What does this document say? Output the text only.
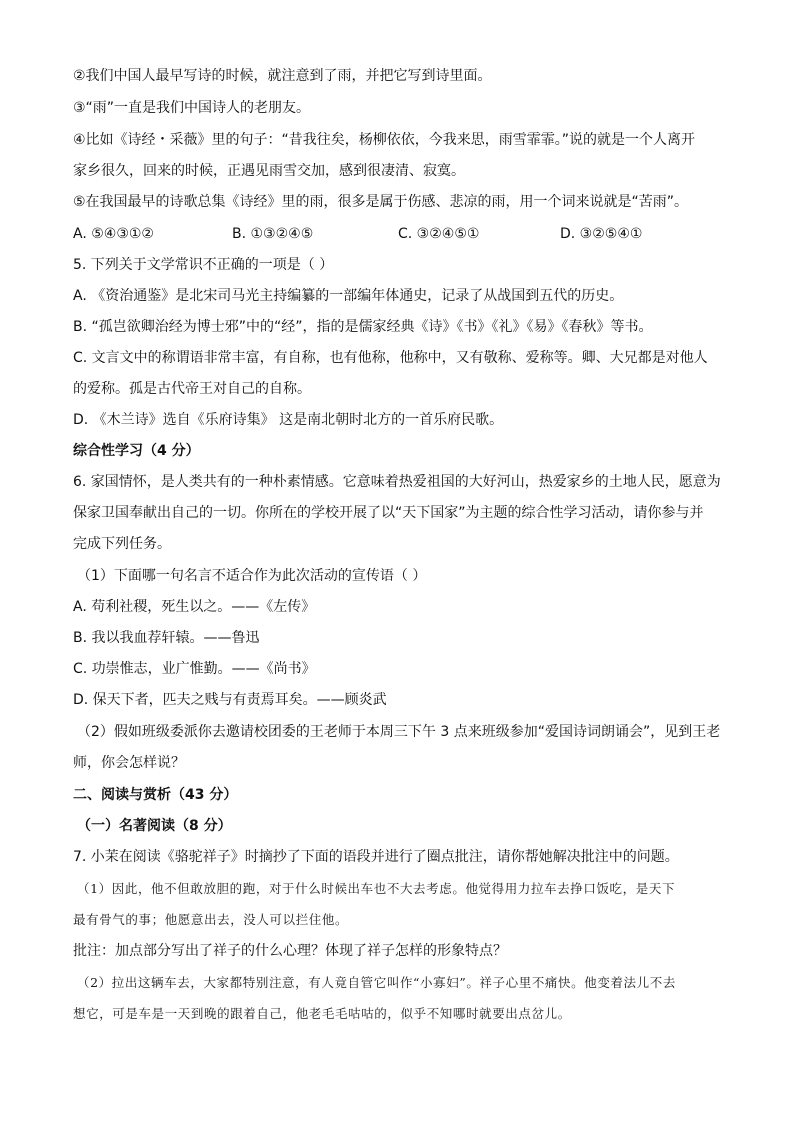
②我们中国人最早写诗的时候，就注意到了雨，并把它写到诗里面。
③“雨”一直是我们中国诗人的老朋友。
④比如《诗经・采薇》里的句子：“昔我往矣，杨柳依依，今我来思，雨雪霏霏。”说的就是一个人离开
家乡很久，回来的时候，正遇见雨雪交加，感到很凄清、寂寞。
⑤在我国最早的诗歌总集《诗经》里的雨，很多是属于伤感、悲凉的雨，用一个词来说就是“苦雨”。
A. ⑤④③①②	B. ①③②④⑤	C. ③②④⑤①	D. ③②⑤④①
5. 下列关于文学常识不正确的一项是（ ）
A. 《资治通鉴》是北宋司马光主持编纂的一部编年体通史，记录了从战国到五代的历史。
B. “孤岂欲卿治经为博士邪”中的“经”，指的是儒家经典《诗》《书》《礼》《易》《春秋》等书。
C. 文言文中的称谓语非常丰富，有自称，也有他称，他称中，又有敬称、爱称等。卿、大兄都是对他人
的爱称。孤是古代帝王对自己的自称。
D. 《木兰诗》选自《乐府诗集》 这是南北朝时北方的一首乐府民歌。
综合性学习（4 分）
6. 家国情怀，是人类共有的一种朴素情感。它意味着热爱祖国的大好河山，热爱家乡的土地人民，愿意为
保家卫国奉献出自己的一切。你所在的学校开展了以“天下国家”为主题的综合性学习活动，请你参与并
完成下列任务。
（1）下面哪一句名言不适合作为此次活动的宣传语（ ）
A. 苟利社稷，死生以之。——《左传》
B. 我以我血荐轩辕。——鲁迅
C. 功崇惟志，业广惟勤。——《尚书》
D. 保天下者，匹夫之贱与有责焉耳矣。——顾炎武
（2）假如班级委派你去邀请校团委的王老师于本周三下午 3 点来班级参加“爱国诗词朗诵会”，见到王老
师，你会怎样说？
二、阅读与赏析（43 分）
（一）名著阅读（8 分）
7. 小茉在阅读《骆驼祥子》时摘抄了下面的语段并进行了圈点批注，请你帮她解决批注中的问题。
（1）因此，他不但敢放胆的跑，对于什么时候出车也不大去考虑。他觉得用力拉车去挣口饭吃，是天下
最有骨气的事；他愿意出去，没人可以拦住他。
批注：加点部分写出了祥子的什么心理？体现了祥子怎样的形象特点？
（2）拉出这辆车去，大家都特别注意，有人竟自管它叫作“小寡妇”。祥子心里不痛快。他变着法儿不去
想它，可是车是一天到晚的跟着自己，他老毛毛咕咕的，似乎不知哪时就要出点岔儿。
